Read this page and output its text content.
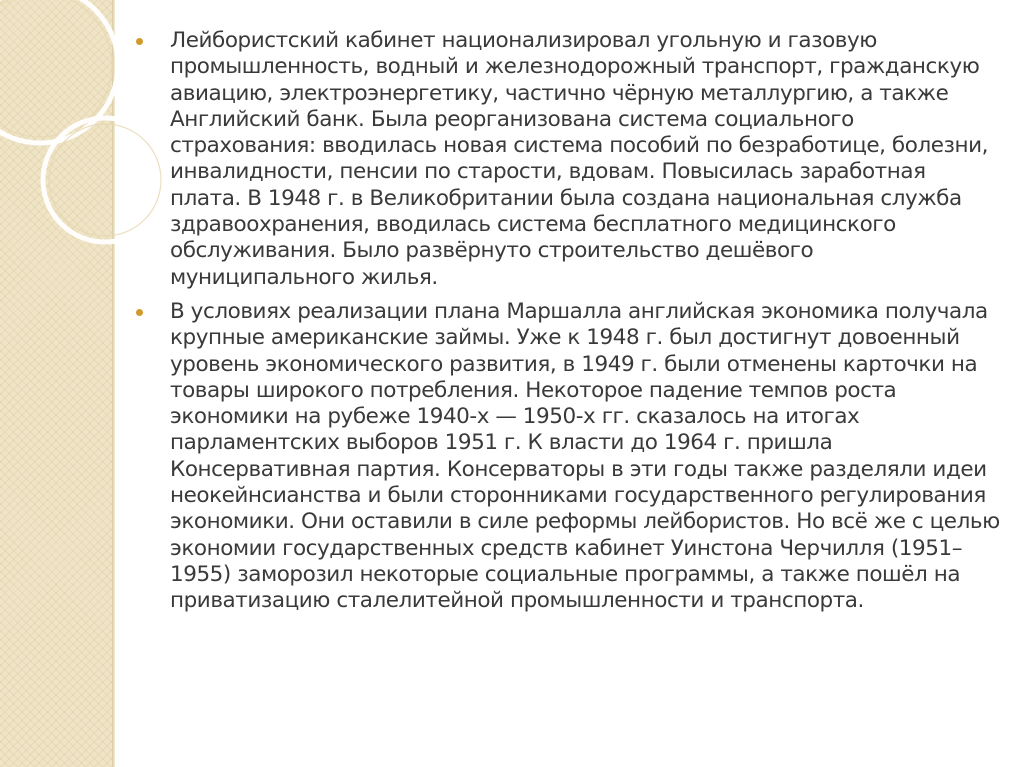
Лейбористский кабинет национализировал угольную и газовую промышленность, водный и железнодорожный транспорт, гражданскую авиацию, электроэнергетику, частично чёрную металлургию, а также Английский банк. Была реорганизована система социального страхования: вводилась новая система пособий по безработице, болезни, инвалидности, пенсии по старости, вдовам. Повысилась заработная плата. В 1948 г. в Великобритании была создана национальная служба здравоохранения, вводилась система бесплатного медицинского обслуживания. Было развёрнуто строительство дешёвого муниципального жилья.
В условиях реализации плана Маршалла английская экономика получала крупные американские займы. Уже к 1948 г. был достигнут довоенный уровень экономического развития, в 1949 г. были отменены карточки на товары широкого потребления. Некоторое падение темпов роста экономики на рубеже 1940-х — 1950-х гг. сказалось на итогах парламентских выборов 1951 г. К власти до 1964 г. пришла Консервативная партия. Консерваторы в эти годы также разделяли идеи неокейнсианства и были сторонниками государственного регулирования экономики. Они оставили в силе реформы лейбористов. Но всё же с целью экономии государственных средств кабинет Уинстона Черчилля (1951–1955) заморозил некоторые социальные программы, а также пошёл на приватизацию сталелитейной промышленности и транспорта.
